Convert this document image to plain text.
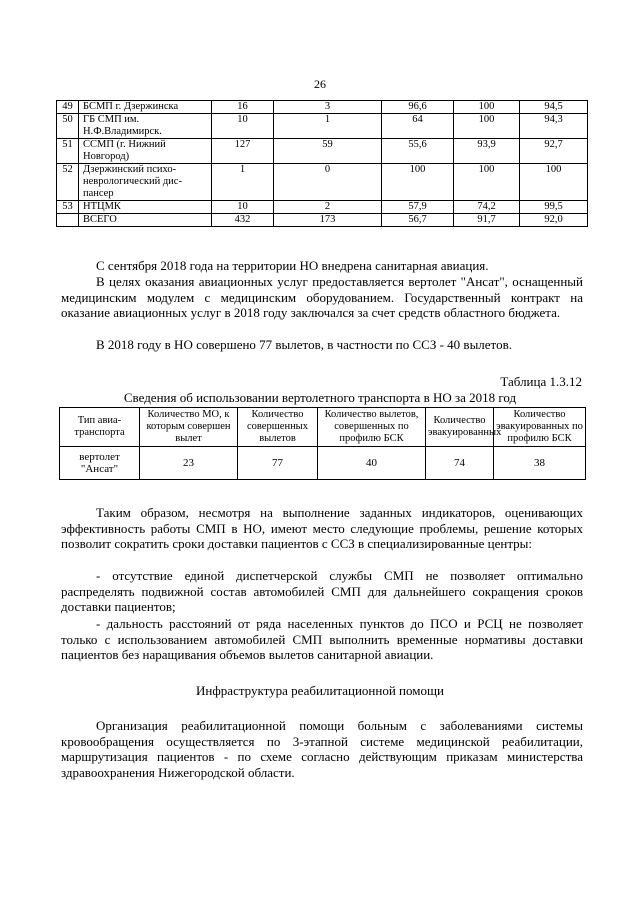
26
49	БСМП г. Дзержинска	16	3	96,6	100	94,5
50	ГБ СМП им. Н.Ф.Владимирск.	10	1	64	100	94,3
51	ССМП (г. Нижний Новгород)	127	59	55,6	93,9	92,7
52	Дзержинский психо-неврологический дис-пансер	1	0	100	100	100
53	НТЦМК	10	2	57,9	74,2	99,5
	ВСЕГО	432	173	56,7	91,7	92,0
С сентября 2018 года на территории НО внедрена санитарная авиация.
В целях оказания авиационных услуг предоставляется вертолет "Ансат", оснащенный медицинским модулем с медицинским оборудованием. Государственный контракт на оказание авиационных услуг в 2018 году заключался за счет средств областного бюджета.
В 2018 году в НО совершено 77 вылетов, в частности по ССЗ - 40 вылетов.
Таблица 1.3.12
Сведения об использовании вертолетного транспорта в НО за 2018 год
Тип авиа-транспорта	Количество МО, к которым совершен вылет	Количество совершенных вылетов	Количество вылетов, совершенных по профилю БСК	Количество эвакуированных	Количество эвакуированных по профилю БСК
вертолет "Ансат"	23	77	40	74	38
Таким образом, несмотря на выполнение заданных индикаторов, оценивающих эффективность работы СМП в НО, имеют место следующие проблемы, решение которых позволит сократить сроки доставки пациентов с ССЗ в специализированные центры:
- отсутствие единой диспетчерской службы СМП не позволяет оптимально распределять подвижной состав автомобилей СМП для дальнейшего сокращения сроков доставки пациентов;
- дальность расстояний от ряда населенных пунктов до ПСО и РСЦ не позволяет только с использованием автомобилей СМП выполнить временные нормативы доставки пациентов без наращивания объемов вылетов санитарной авиации.
Инфраструктура реабилитационной помощи
Организация реабилитационной помощи больным с заболеваниями системы кровообращения осуществляется по 3-этапной системе медицинской реабилитации, маршрутизация пациентов - по схеме согласно действующим приказам министерства здравоохранения Нижегородской области.
